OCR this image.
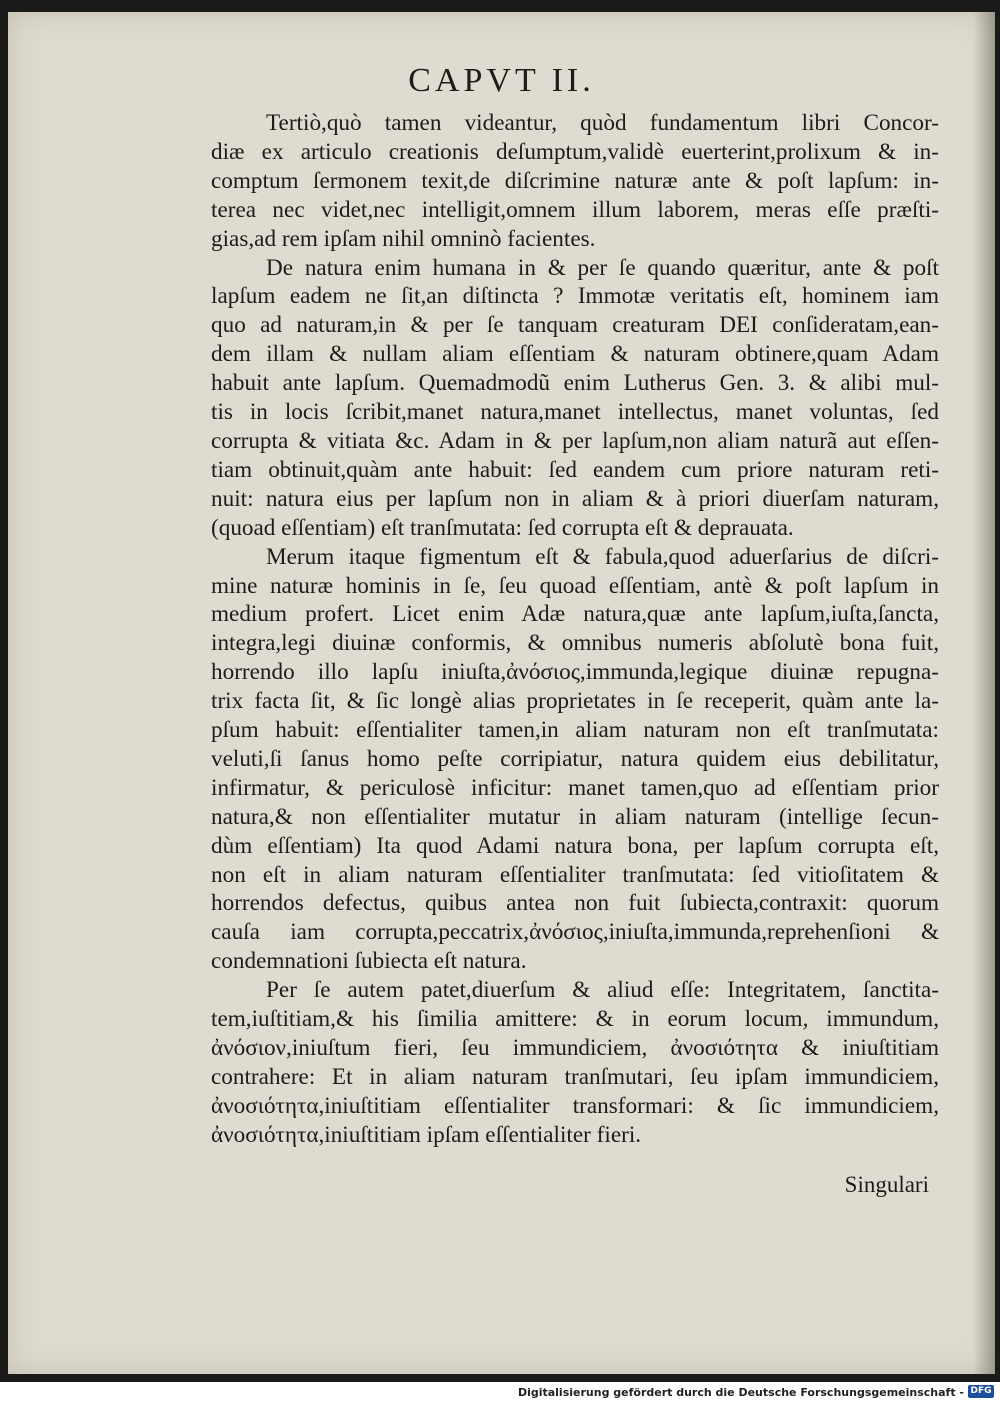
CAPVT II.

Tertiò,quò tamen videantur, quòd fundamentum libri Concor-
diæ ex articulo creationis deſumptum,validè euerterint,prolixum & in-
comptum ſermonem texit,de diſcrimine naturæ ante & poſt lapſum: in-
terea nec videt,nec intelligit,omnem illum laborem, meras eſſe præſti-
gias,ad rem ipſam nihil omninò facientes.

De natura enim humana in & per ſe quando quæritur, ante & poſt
lapſum eadem ne ſit,an diſtincta ? Immotæ veritatis eſt, hominem iam
quo ad naturam,in & per ſe tanquam creaturam DEI conſideratam,ean-
dem illam & nullam aliam eſſentiam & naturam obtinere,quam Adam
habuit ante lapſum. Quemadmodũ enim Lutherus Gen. 3. & alibi mul-
tis in locis ſcribit,manet natura,manet intellectus, manet voluntas, ſed
corrupta & vitiata &c. Adam in & per lapſum,non aliam naturã aut eſſen-
tiam obtinuit,quàm ante habuit: ſed eandem cum priore naturam reti-
nuit: natura eius per lapſum non in aliam & à priori diuerſam naturam,
(quoad eſſentiam) eſt tranſmutata: ſed corrupta eſt & deprauata.

Merum itaque figmentum eſt & fabula,quod aduerſarius de diſcri-
mine naturæ hominis in ſe, ſeu quoad eſſentiam, antè & poſt lapſum in
medium profert. Licet enim Adæ natura,quæ ante lapſum,iuſta,ſancta,
integra,legi diuinæ conformis, & omnibus numeris abſolutè bona fuit,
horrendo illo lapſu iniuſta,ἀνόσιος,immunda,legique diuinæ repugna-
trix facta ſit, & ſic longè alias proprietates in ſe receperit, quàm ante la-
pſum habuit: eſſentialiter tamen,in aliam naturam non eſt tranſmutata:
veluti,ſi ſanus homo peſte corripiatur, natura quidem eius debilitatur,
infirmatur, & periculosè inficitur: manet tamen,quo ad eſſentiam prior
natura,& non eſſentialiter mutatur in aliam naturam (intellige ſecun-
dùm eſſentiam) Ita quod Adami natura bona, per lapſum corrupta eſt,
non eſt in aliam naturam eſſentialiter tranſmutata: ſed vitioſitatem &
horrendos defectus, quibus antea non fuit ſubiecta,contraxit: quorum
cauſa iam corrupta,peccatrix,ἀνόσιος,iniuſta,immunda,reprehenſioni &
condemnationi ſubiecta eſt natura.

Per ſe autem patet,diuerſum & aliud eſſe: Integritatem, ſanctita-
tem,iuſtitiam,& his ſimilia amittere: & in eorum locum, immundum,
ἀνόσιον,iniuſtum fieri, ſeu immundiciem, ἀνοσιότητα & iniuſtitiam
contrahere: Et in aliam naturam tranſmutari, ſeu ipſam immundiciem,
ἀνοσιότητα,iniuſtitiam eſſentialiter transformari: & ſic immundiciem,
ἀνοσιότητα,iniuſtitiam ipſam eſſentialiter fieri.

Singulari
Digitalisierung gefördert durch die Deutsche Forschungsgemeinschaft - DFG
